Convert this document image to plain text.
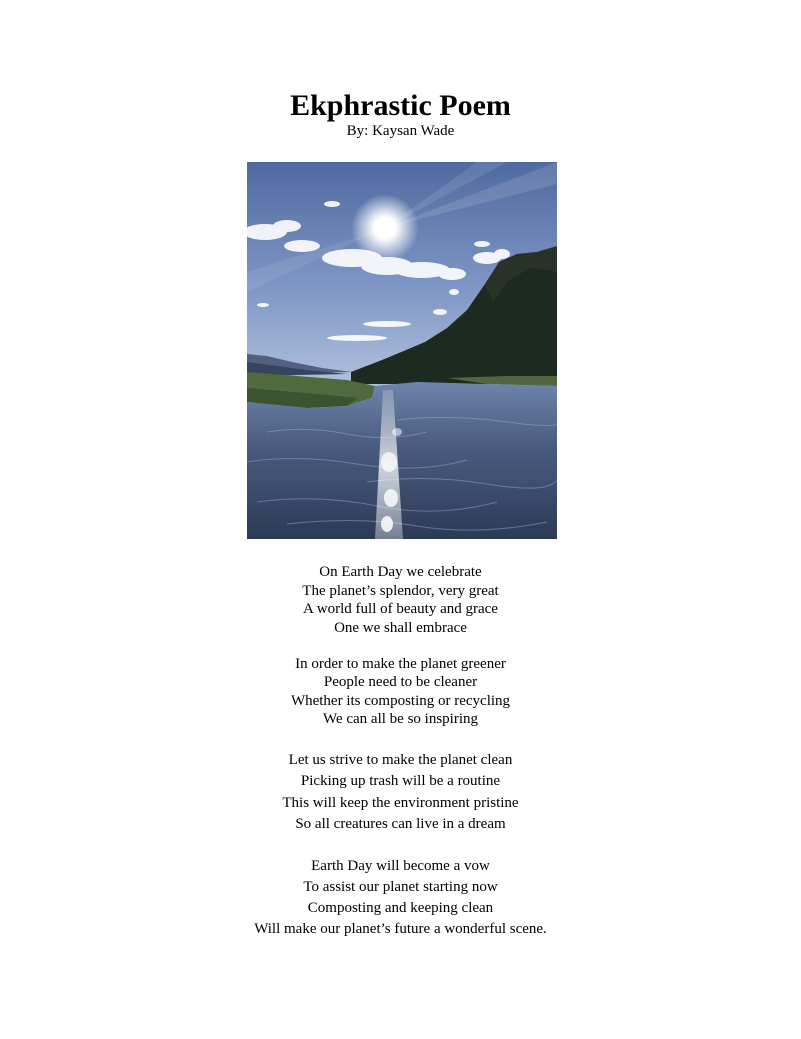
Ekphrastic Poem
By: Kaysan Wade
On Earth Day we celebrate
The planet’s splendor, very great
A world full of beauty and grace
One we shall embrace
In order to make the planet greener
People need to be cleaner
Whether its composting or recycling
We can all be so inspiring
Let us strive to make the planet clean
Picking up trash will be a routine
This will keep the environment pristine
So all creatures can live in a dream
Earth Day will become a vow
To assist our planet starting now
Composting and keeping clean
Will make our planet’s future a wonderful scene.
